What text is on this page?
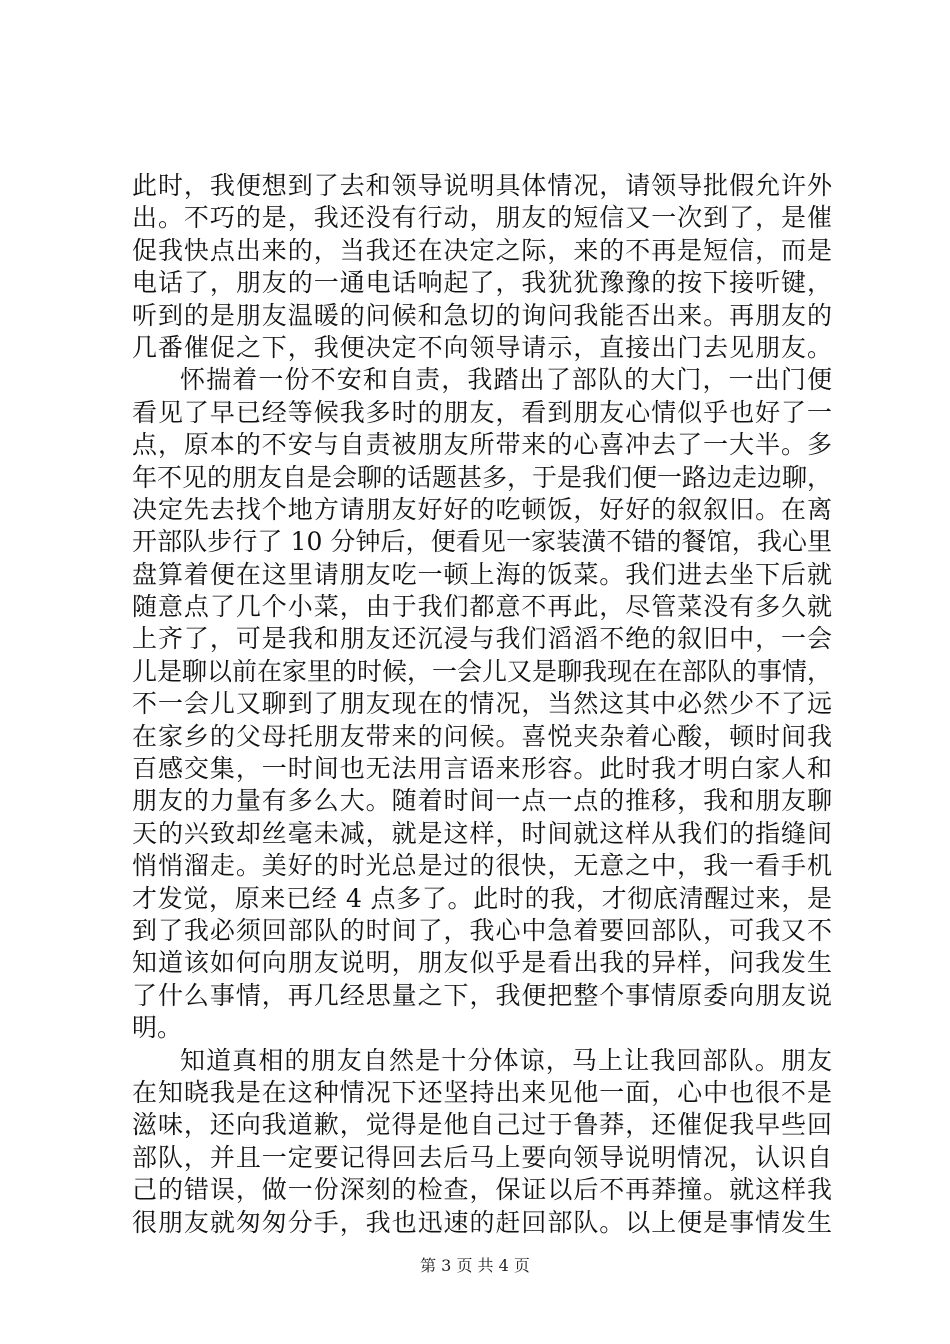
此时，我便想到了去和领导说明具体情况，请领导批假允许外
出。不巧的是，我还没有行动，朋友的短信又一次到了，是催
促我快点出来的，当我还在决定之际，来的不再是短信，而是
电话了，朋友的一通电话响起了，我犹犹豫豫的按下接听键，
听到的是朋友温暖的问候和急切的询问我能否出来。再朋友的
几番催促之下，我便决定不向领导请示，直接出门去见朋友。
怀揣着一份不安和自责，我踏出了部队的大门，一出门便
看见了早已经等候我多时的朋友，看到朋友心情似乎也好了一
点，原本的不安与自责被朋友所带来的心喜冲去了一大半。多
年不见的朋友自是会聊的话题甚多，于是我们便一路边走边聊，
决定先去找个地方请朋友好好的吃顿饭，好好的叙叙旧。在离
开部队步行了 10 分钟后，便看见一家装潢不错的餐馆，我心里
盘算着便在这里请朋友吃一顿上海的饭菜。我们进去坐下后就
随意点了几个小菜，由于我们都意不再此，尽管菜没有多久就
上齐了，可是我和朋友还沉浸与我们滔滔不绝的叙旧中，一会
儿是聊以前在家里的时候，一会儿又是聊我现在在部队的事情，
不一会儿又聊到了朋友现在的情况，当然这其中必然少不了远
在家乡的父母托朋友带来的问候。喜悦夹杂着心酸，顿时间我
百感交集，一时间也无法用言语来形容。此时我才明白家人和
朋友的力量有多么大。随着时间一点一点的推移，我和朋友聊
天的兴致却丝毫未减，就是这样，时间就这样从我们的指缝间
悄悄溜走。美好的时光总是过的很快，无意之中，我一看手机
才发觉，原来已经 4 点多了。此时的我，才彻底清醒过来，是
到了我必须回部队的时间了，我心中急着要回部队，可我又不
知道该如何向朋友说明，朋友似乎是看出我的异样，问我发生
了什么事情，再几经思量之下，我便把整个事情原委向朋友说
明。
知道真相的朋友自然是十分体谅，马上让我回部队。朋友
在知晓我是在这种情况下还坚持出来见他一面，心中也很不是
滋味，还向我道歉，觉得是他自己过于鲁莽，还催促我早些回
部队，并且一定要记得回去后马上要向领导说明情况，认识自
己的错误，做一份深刻的检查，保证以后不再莽撞。就这样我
很朋友就匆匆分手，我也迅速的赶回部队。以上便是事情发生
第 3 页 共 4 页
